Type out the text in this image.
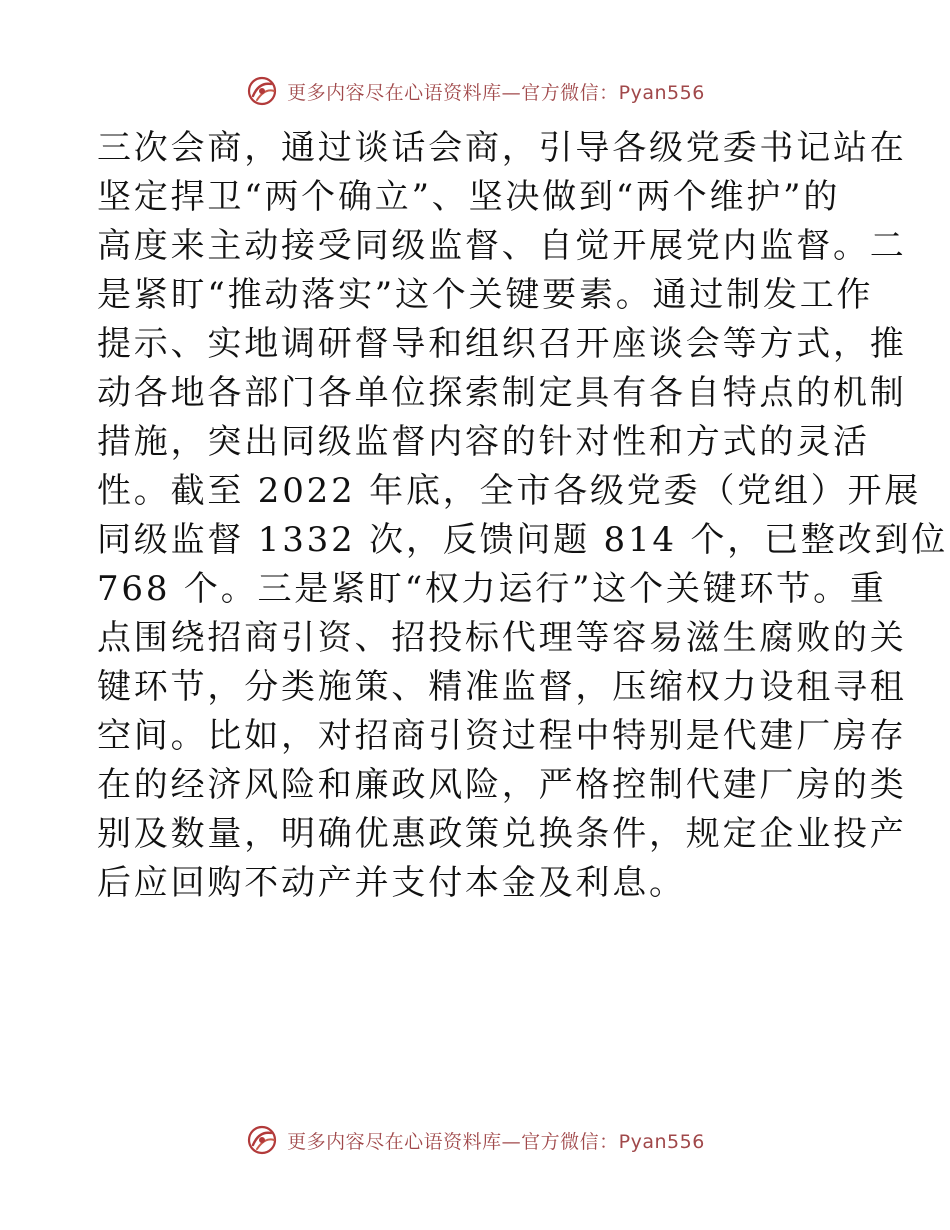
更多内容尽在心语资料库—官方微信：Pyan556
三次会商，通过谈话会商，引导各级党委书记站在
坚定捍卫“两个确立”、坚决做到“两个维护”的
高度来主动接受同级监督、自觉开展党内监督。二
是紧盯“推动落实”这个关键要素。通过制发工作
提示、实地调研督导和组织召开座谈会等方式，推
动各地各部门各单位探索制定具有各自特点的机制
措施，突出同级监督内容的针对性和方式的灵活
性。截至 2022 年底，全市各级党委（党组）开展
同级监督 1332 次，反馈问题 814 个，已整改到位
768 个。三是紧盯“权力运行”这个关键环节。重
点围绕招商引资、招投标代理等容易滋生腐败的关
键环节，分类施策、精准监督，压缩权力设租寻租
空间。比如，对招商引资过程中特别是代建厂房存
在的经济风险和廉政风险，严格控制代建厂房的类
别及数量，明确优惠政策兑换条件，规定企业投产
后应回购不动产并支付本金及利息。
更多内容尽在心语资料库—官方微信：Pyan556
